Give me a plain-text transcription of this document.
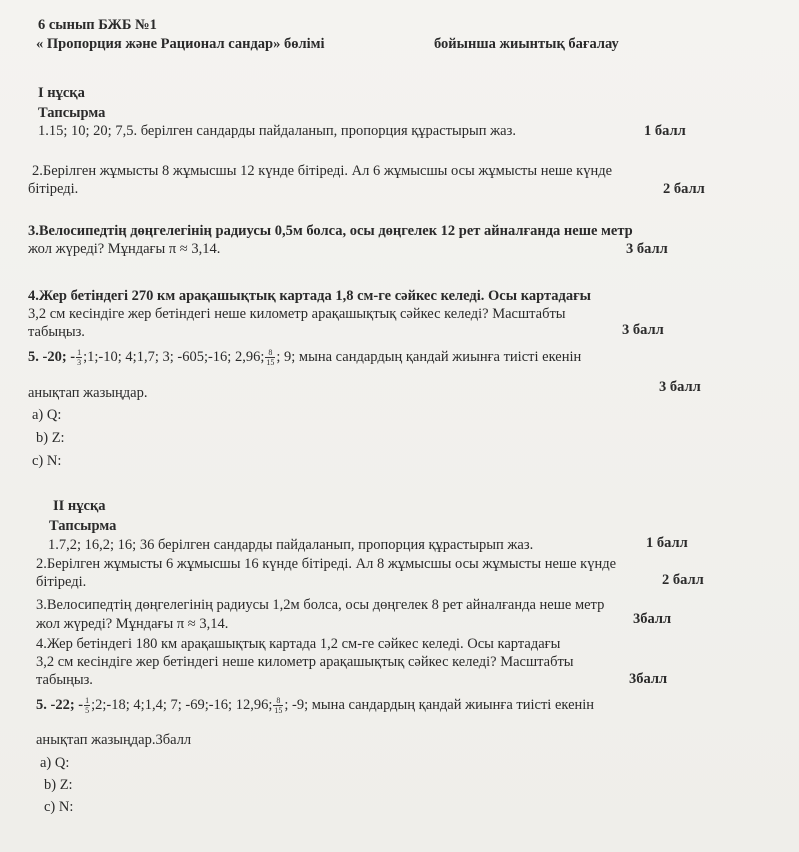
6 сынып БЖБ №1
« Пропорция және Рационал сандар» бөлімі	бойынша жиынтық бағалау
І нұсқа
Тапсырма
1.15; 10; 20; 7,5. берілген сандарды пайдаланып, пропорция құрастырып жаз.	1 балл
2.Берілген жұмысты 8 жұмысшы 12 күнде бітіреді. Ал 6 жұмысшы осы жұмысты неше күнде
бітіреді.	2 балл
3.Велосипедтің дөңгелегінің радиусы 0,5м болса, осы дөңгелек 12 рет айналғанда неше метр
жол жүреді? Мұндағы π ≈ 3,14.	3 балл
4.Жер бетіндегі 270 км арақашықтық картада 1,8 см-ге сәйкес келеді. Осы картадағы
3,2 см кесіндіге жер бетіндегі неше километр арақашықтық сәйкес келеді? Масштабты
табыңыз.	3 балл
5. -20; - $\frac{1}{3}$ ;1;-10; 4;1,7; 3; -605;-16; 2,96; $\frac{8}{15}$ ; 9; мына сандардың қандай жиынға тиісті екенін
анықтап жазыңдар.	3 балл
а) Q:
b) Z:
c) N:
ІІ нұсқа
Тапсырма
1.7,2; 16,2; 16; 36 берілген сандарды пайдаланып, пропорция құрастырып жаз.	1 балл
2.Берілген жұмысты 6 жұмысшы 16 күнде бітіреді. Ал 8 жұмысшы осы жұмысты неше күнде
бітіреді.	2 балл
3.Велосипедтің дөңгелегінің радиусы 1,2м болса, осы дөңгелек 8 рет айналғанда неше метр
жол жүреді? Мұндағы π ≈ 3,14.	3балл
4.Жер бетіндегі 180 км арақашықтық картада 1,2 см-ге сәйкес келеді. Осы картадағы
3,2 см кесіндіге жер бетіндегі неше километр арақашықтық сәйкес келеді? Масштабты
табыңыз.	3балл
5. -22; - $\frac{1}{5}$ ;2;-18; 4;1,4; 7; -69;-16; 12,96; $\frac{8}{15}$ ; -9; мына сандардың қандай жиынға тиісті екенін
анықтап жазыңдар.3балл
а) Q:
b) Z:
c) N:
